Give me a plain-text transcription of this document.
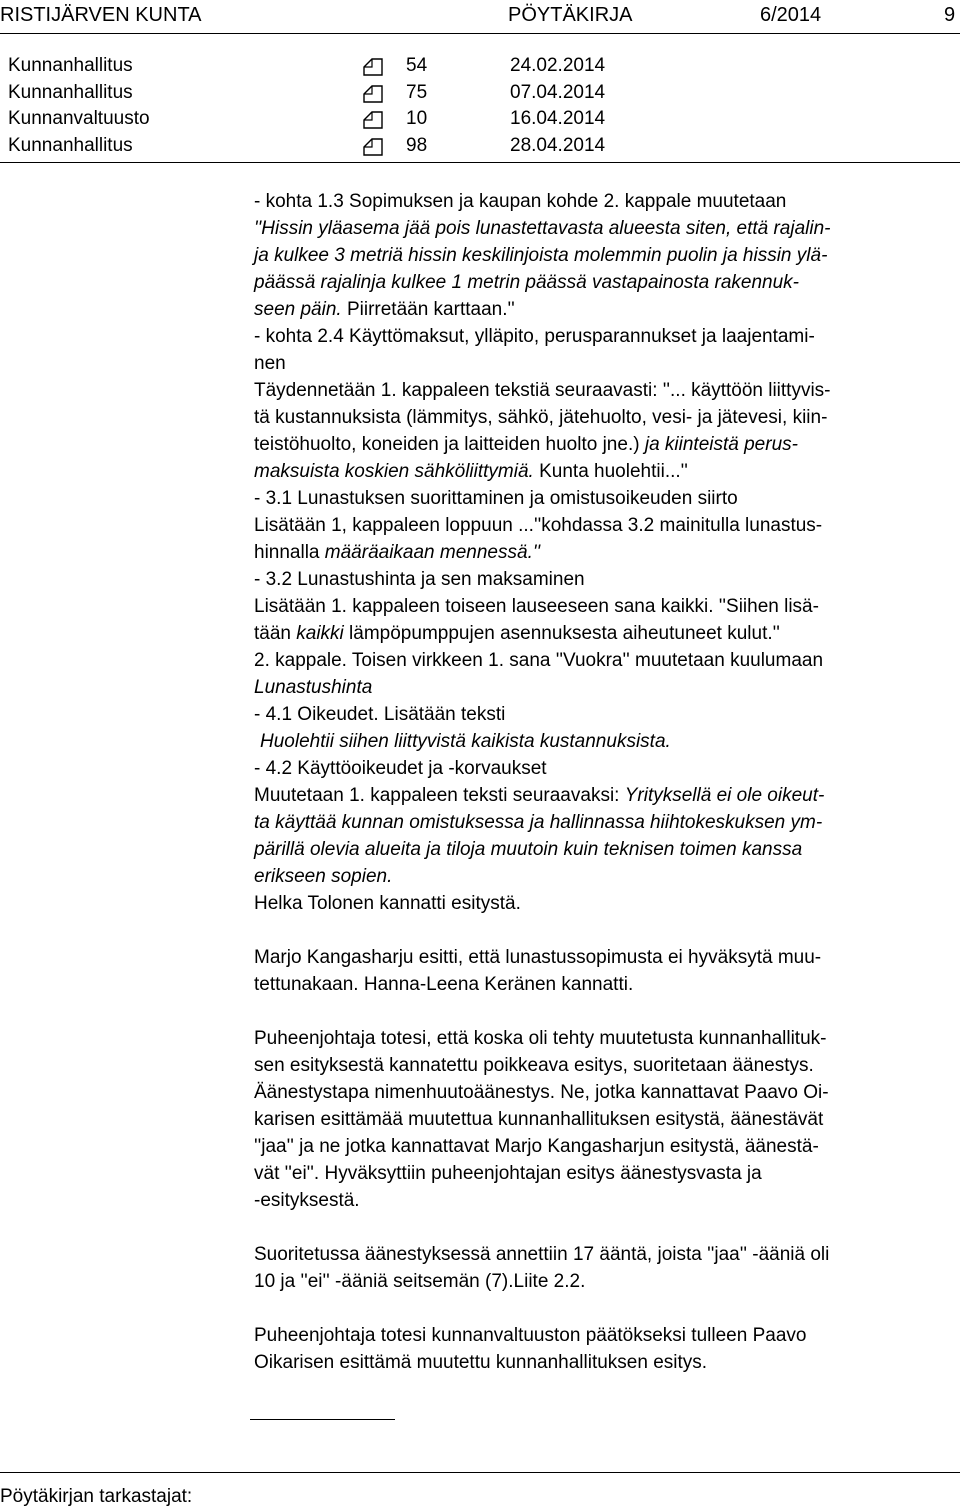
RISTIJÄRVEN KUNTA	PÖYTÄKIRJA	6/2014	9
Kunnanhallitus	54	24.02.2014
Kunnanhallitus	75	07.04.2014
Kunnanvaltuusto	10	16.04.2014
Kunnanhallitus	98	28.04.2014

- kohta 1.3 Sopimuksen ja kaupan kohde 2. kappale muutetaan

''Hissin yläasema jää pois lunastettavasta alueesta siten, että rajalin-

ja kulkee 3 metriä hissin keskilinjoista molemmin puolin ja hissin ylä-

päässä rajalinja kulkee 1 metrin päässä vastapainosta rakennuk-

seen päin. Piirretään karttaan.''

- kohta 2.4 Käyttömaksut, ylläpito, perusparannukset ja laajentami-

nen

Täydennetään 1. kappaleen tekstiä seuraavasti: ''... käyttöön liittyvis-

tä kustannuksista (lämmitys, sähkö, jätehuolto, vesi- ja jätevesi, kiin-

teistöhuolto, koneiden ja laitteiden huolto jne.) ja kiinteistä perus-

maksuista koskien sähköliittymiä. Kunta huolehtii...''

- 3.1 Lunastuksen suorittaminen ja omistusoikeuden siirto

Lisätään 1, kappaleen loppuun ...''kohdassa 3.2 mainitulla lunastus-

hinnalla määräaikaan mennessä.''

- 3.2 Lunastushinta ja sen maksaminen

Lisätään 1. kappaleen toiseen lauseeseen sana kaikki. ''Siihen lisä-

tään kaikki lämpöpumppujen asennuksesta aiheutuneet kulut.''

2. kappale. Toisen virkkeen 1. sana ''Vuokra'' muutetaan kuulumaan

Lunastushinta

- 4.1 Oikeudet. Lisätään teksti

Huolehtii siihen liittyvistä kaikista kustannuksista.

- 4.2 Käyttöoikeudet ja -korvaukset

Muutetaan 1. kappaleen teksti seuraavaksi: Yrityksellä ei ole oikeut-

ta käyttää kunnan omistuksessa ja hallinnassa hiihtokeskuksen ym-

pärillä olevia alueita ja tiloja muutoin kuin teknisen toimen kanssa

erikseen sopien.

Helka Tolonen kannatti esitystä.

Marjo Kangasharju esitti, että lunastussopimusta ei hyväksytä muu-

tettunakaan. Hanna-Leena Keränen kannatti.

Puheenjohtaja totesi, että koska oli tehty muutetusta kunnanhallituk-

sen esityksestä kannatettu poikkeava esitys, suoritetaan äänestys.

Äänestystapa nimenhuutoäänestys. Ne, jotka kannattavat Paavo Oi-

karisen esittämää muutettua kunnanhallituksen esitystä, äänestävät

''jaa'' ja ne jotka kannattavat Marjo Kangasharjun esitystä, äänestä-

vät ''ei''. Hyväksyttiin puheenjohtajan esitys äänestysvasta ja

-esityksestä.

Suoritetussa äänestyksessä annettiin 17 ääntä, joista ''jaa'' -ääniä oli

10 ja ''ei'' -ääniä seitsemän (7).Liite 2.2.

Puheenjohtaja totesi kunnanvaltuuston päätökseksi tulleen Paavo

Oikarisen esittämä muutettu kunnanhallituksen esitys.

Pöytäkirjan tarkastajat:
